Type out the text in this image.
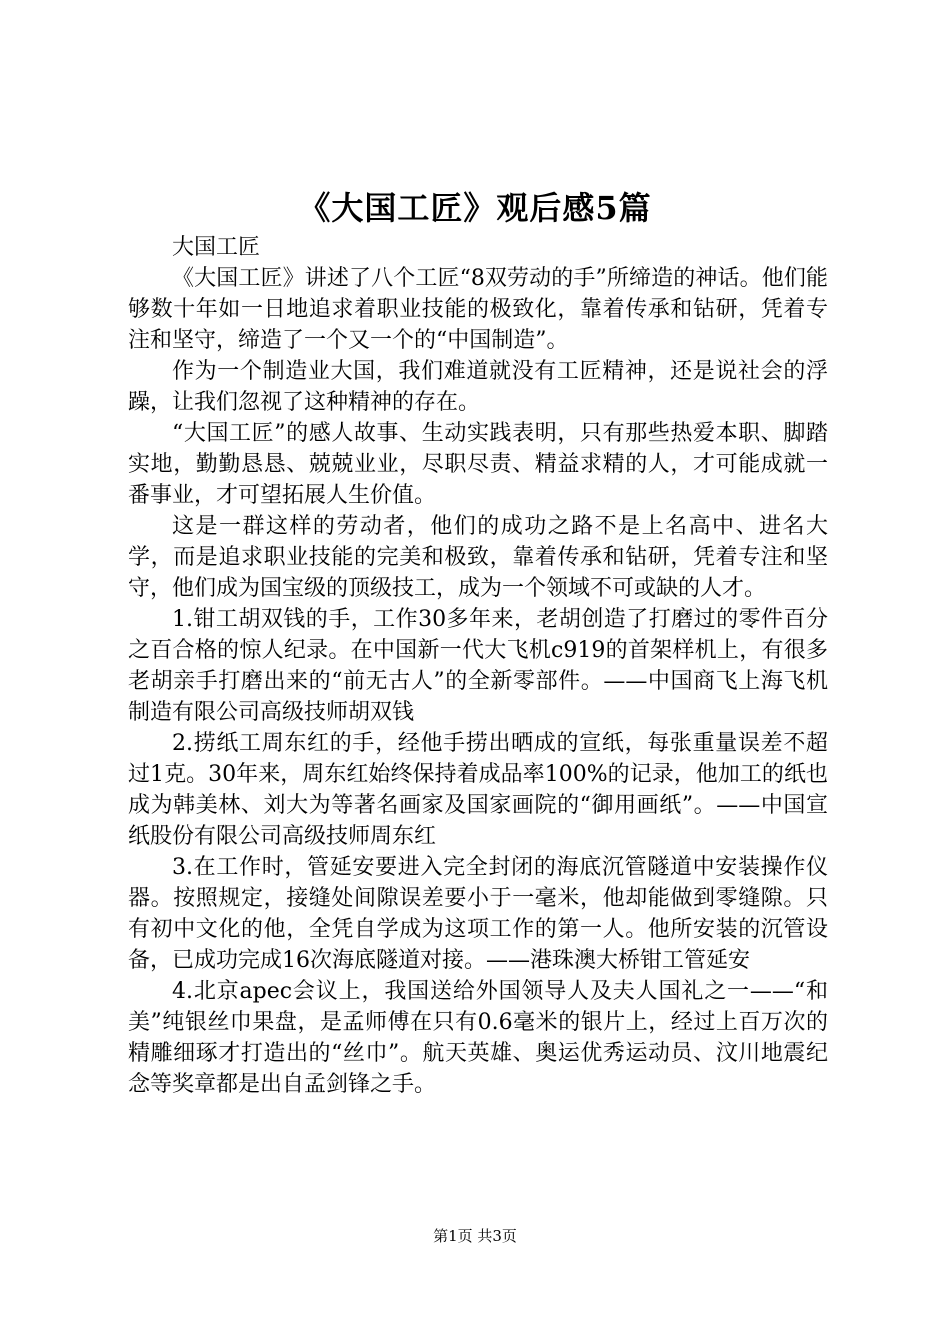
《大国工匠》观后感5篇

大国工匠

《大国工匠》讲述了八个工匠“8双劳动的手”所缔造的神话。他们能够数十年如一日地追求着职业技能的极致化，靠着传承和钻研，凭着专注和坚守，缔造了一个又一个的“中国制造”。

作为一个制造业大国，我们难道就没有工匠精神，还是说社会的浮躁，让我们忽视了这种精神的存在。

“大国工匠”的感人故事、生动实践表明，只有那些热爱本职、脚踏实地，勤勤恳恳、兢兢业业，尽职尽责、精益求精的人，才可能成就一番事业，才可望拓展人生价值。

这是一群这样的劳动者，他们的成功之路不是上名高中、进名大学，而是追求职业技能的完美和极致，靠着传承和钻研，凭着专注和坚守，他们成为国宝级的顶级技工，成为一个领域不可或缺的人才。

1.钳工胡双钱的手，工作30多年来，老胡创造了打磨过的零件百分之百合格的惊人纪录。在中国新一代大飞机c919的首架样机上，有很多老胡亲手打磨出来的“前无古人”的全新零部件。——中国商飞上海飞机制造有限公司高级技师胡双钱

2.捞纸工周东红的手，经他手捞出晒成的宣纸，每张重量误差不超过1克。30年来，周东红始终保持着成品率100%的记录，他加工的纸也成为韩美林、刘大为等著名画家及国家画院的“御用画纸”。——中国宣纸股份有限公司高级技师周东红

3.在工作时，管延安要进入完全封闭的海底沉管隧道中安装操作仪器。按照规定，接缝处间隙误差要小于一毫米，他却能做到零缝隙。只有初中文化的他，全凭自学成为这项工作的第一人。他所安装的沉管设备，已成功完成16次海底隧道对接。——港珠澳大桥钳工管延安

4.北京apec会议上，我国送给外国领导人及夫人国礼之一——“和美”纯银丝巾果盘，是孟师傅在只有0.6毫米的银片上，经过上百万次的精雕细琢才打造出的“丝巾”。航天英雄、奥运优秀运动员、汶川地震纪念等奖章都是出自孟剑锋之手。

第1页 共3页
